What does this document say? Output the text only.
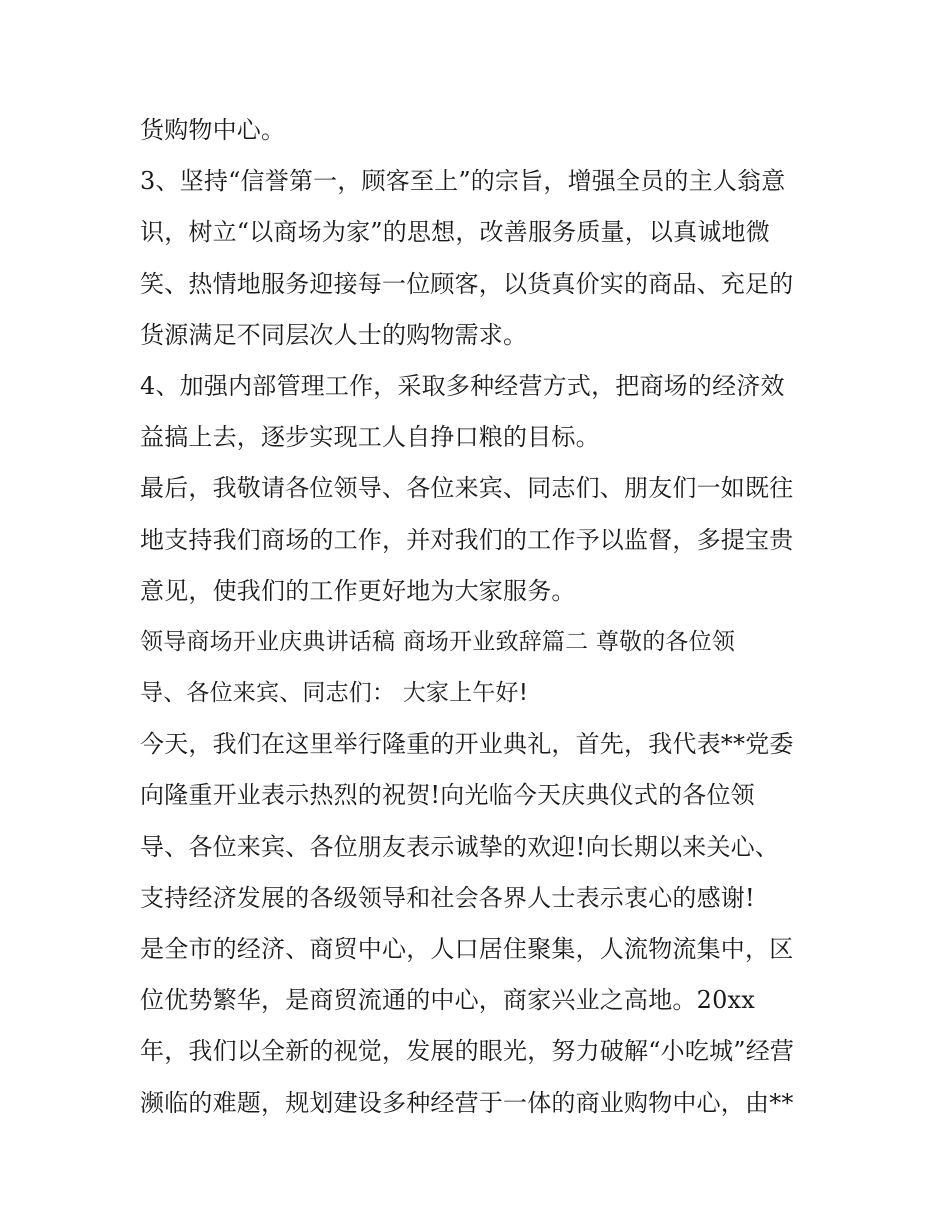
货购物中心。
3、坚持“信誉第一，顾客至上”的宗旨，增强全员的主人翁意
识，树立“以商场为家”的思想，改善服务质量，以真诚地微
笑、热情地服务迎接每一位顾客，以货真价实的商品、充足的
货源满足不同层次人士的购物需求。
4、加强内部管理工作，采取多种经营方式，把商场的经济效
益搞上去，逐步实现工人自挣口粮的目标。
最后，我敬请各位领导、各位来宾、同志们、朋友们一如既往
地支持我们商场的工作，并对我们的工作予以监督，多提宝贵
意见，使我们的工作更好地为大家服务。
领导商场开业庆典讲话稿 商场开业致辞篇二 尊敬的各位领
导、各位来宾、同志们： 大家上午好!
今天，我们在这里举行隆重的开业典礼，首先，我代表**党委
向隆重开业表示热烈的祝贺!向光临今天庆典仪式的各位领
导、各位来宾、各位朋友表示诚挚的欢迎!向长期以来关心、
支持经济发展的各级领导和社会各界人士表示衷心的感谢!
是全市的经济、商贸中心，人口居住聚集，人流物流集中，区
位优势繁华，是商贸流通的中心，商家兴业之高地。20xx
年，我们以全新的视觉，发展的眼光，努力破解“小吃城”经营
濒临的难题，规划建设多种经营于一体的商业购物中心，由**
